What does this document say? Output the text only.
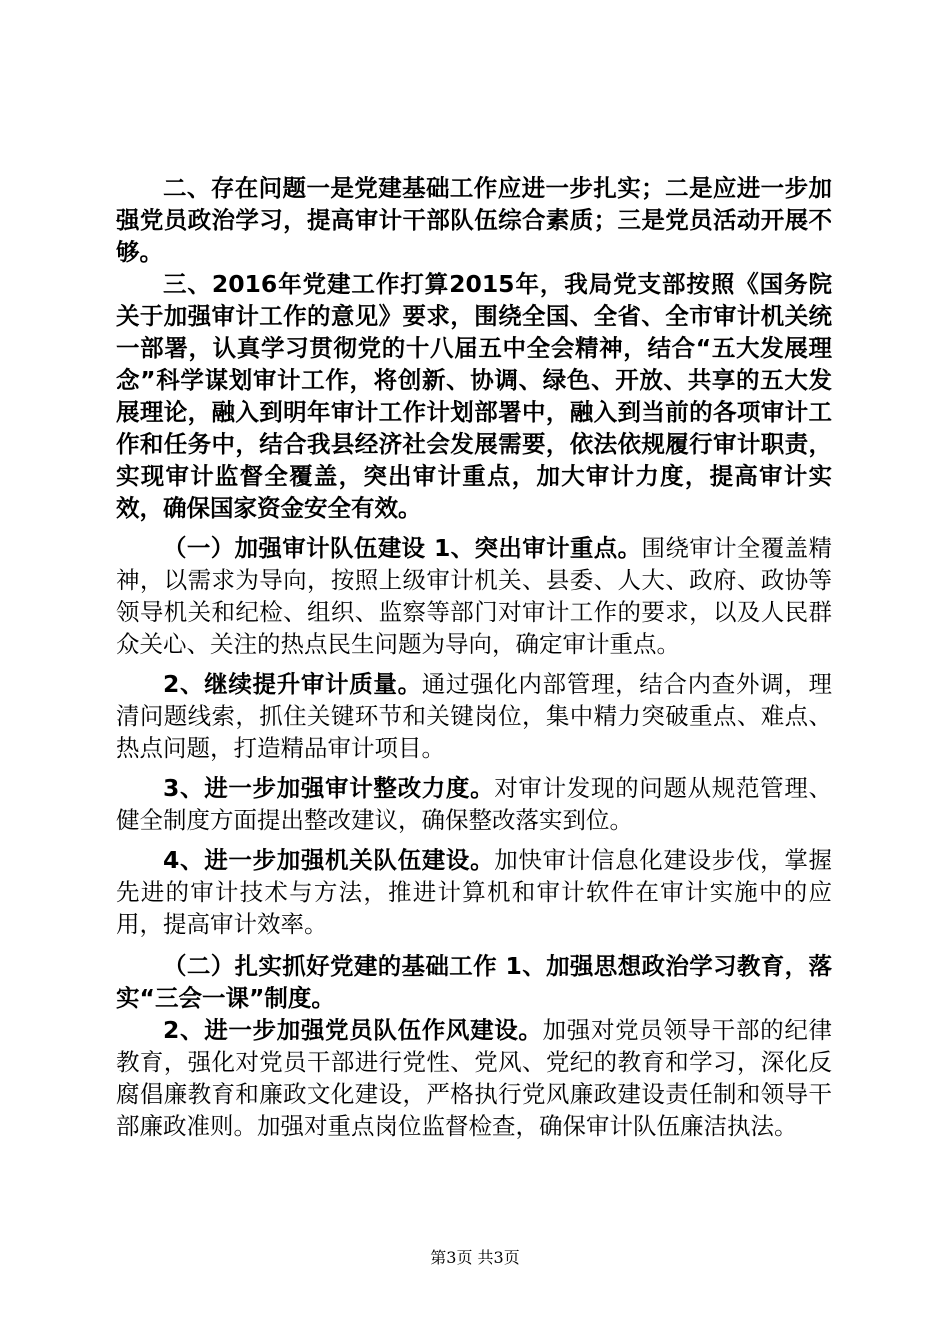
二、存在问题一是党建基础工作应进一步扎实；二是应进一步加强党员政治学习，提高审计干部队伍综合素质；三是党员活动开展不够。

三、2016年党建工作打算2015年，我局党支部按照《国务院关于加强审计工作的意见》要求，围绕全国、全省、全市审计机关统一部署，认真学习贯彻党的十八届五中全会精神，结合“五大发展理念”科学谋划审计工作，将创新、协调、绿色、开放、共享的五大发展理论，融入到明年审计工作计划部署中，融入到当前的各项审计工作和任务中，结合我县经济社会发展需要，依法依规履行审计职责，实现审计监督全覆盖，突出审计重点，加大审计力度，提高审计实效，确保国家资金安全有效。

（一）加强审计队伍建设 1、突出审计重点。围绕审计全覆盖精神，以需求为导向，按照上级审计机关、县委、人大、政府、政协等领导机关和纪检、组织、监察等部门对审计工作的要求，以及人民群众关心、关注的热点民生问题为导向，确定审计重点。

2、继续提升审计质量。通过强化内部管理，结合内查外调，理清问题线索，抓住关键环节和关键岗位，集中精力突破重点、难点、热点问题，打造精品审计项目。

3、进一步加强审计整改力度。对审计发现的问题从规范管理、健全制度方面提出整改建议，确保整改落实到位。

4、进一步加强机关队伍建设。加快审计信息化建设步伐，掌握先进的审计技术与方法，推进计算机和审计软件在审计实施中的应用，提高审计效率。

（二）扎实抓好党建的基础工作 1、加强思想政治学习教育，落实“三会一课”制度。

2、进一步加强党员队伍作风建设。加强对党员领导干部的纪律教育，强化对党员干部进行党性、党风、党纪的教育和学习，深化反腐倡廉教育和廉政文化建设，严格执行党风廉政建设责任制和领导干部廉政准则。加强对重点岗位监督检查，确保审计队伍廉洁执法。

第3页 共3页
